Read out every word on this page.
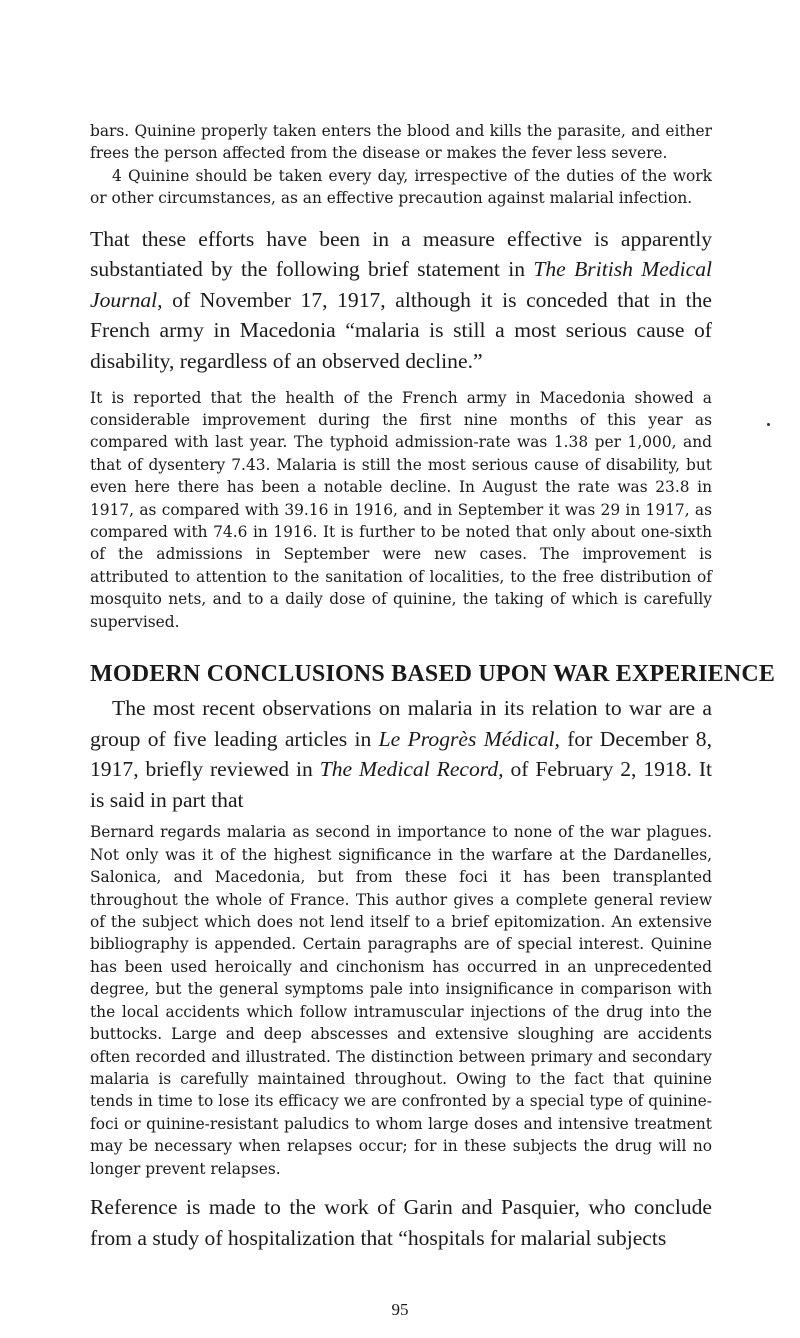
bars. Quinine properly taken enters the blood and kills the parasite, and either frees the person affected from the disease or makes the fever less severe.

4 Quinine should be taken every day, irrespective of the duties of the work or other circumstances, as an effective precaution against malarial infection.

That these efforts have been in a measure effective is apparently substantiated by the following brief statement in The British Medical Journal, of November 17, 1917, although it is conceded that in the French army in Macedonia “malaria is still a most serious cause of disability, regardless of an observed decline.”

It is reported that the health of the French army in Macedonia showed a considerable improvement during the first nine months of this year as compared with last year. The typhoid admission-rate was 1.38 per 1,000, and that of dysentery 7.43. Malaria is still the most serious cause of disability, but even here there has been a notable decline. In August the rate was 23.8 in 1917, as compared with 39.16 in 1916, and in September it was 29 in 1917, as compared with 74.6 in 1916. It is further to be noted that only about one-sixth of the admissions in September were new cases. The improvement is attributed to attention to the sanitation of localities, to the free distribution of mosquito nets, and to a daily dose of quinine, the taking of which is carefully supervised.

MODERN CONCLUSIONS BASED UPON WAR EXPERIENCE

The most recent observations on malaria in its relation to war are a group of five leading articles in Le Progrès Médical, for December 8, 1917, briefly reviewed in The Medical Record, of February 2, 1918. It is said in part that

Bernard regards malaria as second in importance to none of the war plagues. Not only was it of the highest significance in the warfare at the Dardanelles, Salonica, and Macedonia, but from these foci it has been transplanted throughout the whole of France. This author gives a complete general review of the subject which does not lend itself to a brief epitomization. An extensive bibliography is appended. Certain paragraphs are of special interest. Quinine has been used heroically and cinchonism has occurred in an unprecedented degree, but the general symptoms pale into insignificance in comparison with the local accidents which follow intramuscular injections of the drug into the buttocks. Large and deep abscesses and extensive sloughing are accidents often recorded and illustrated. The distinction between primary and secondary malaria is carefully maintained throughout. Owing to the fact that quinine tends in time to lose its efficacy we are confronted by a special type of quinine-foci or quinine-resistant paludics to whom large doses and intensive treatment may be necessary when relapses occur; for in these subjects the drug will no longer prevent relapses.

Reference is made to the work of Garin and Pasquier, who conclude from a study of hospitalization that “hospitals for malarial subjects

95
